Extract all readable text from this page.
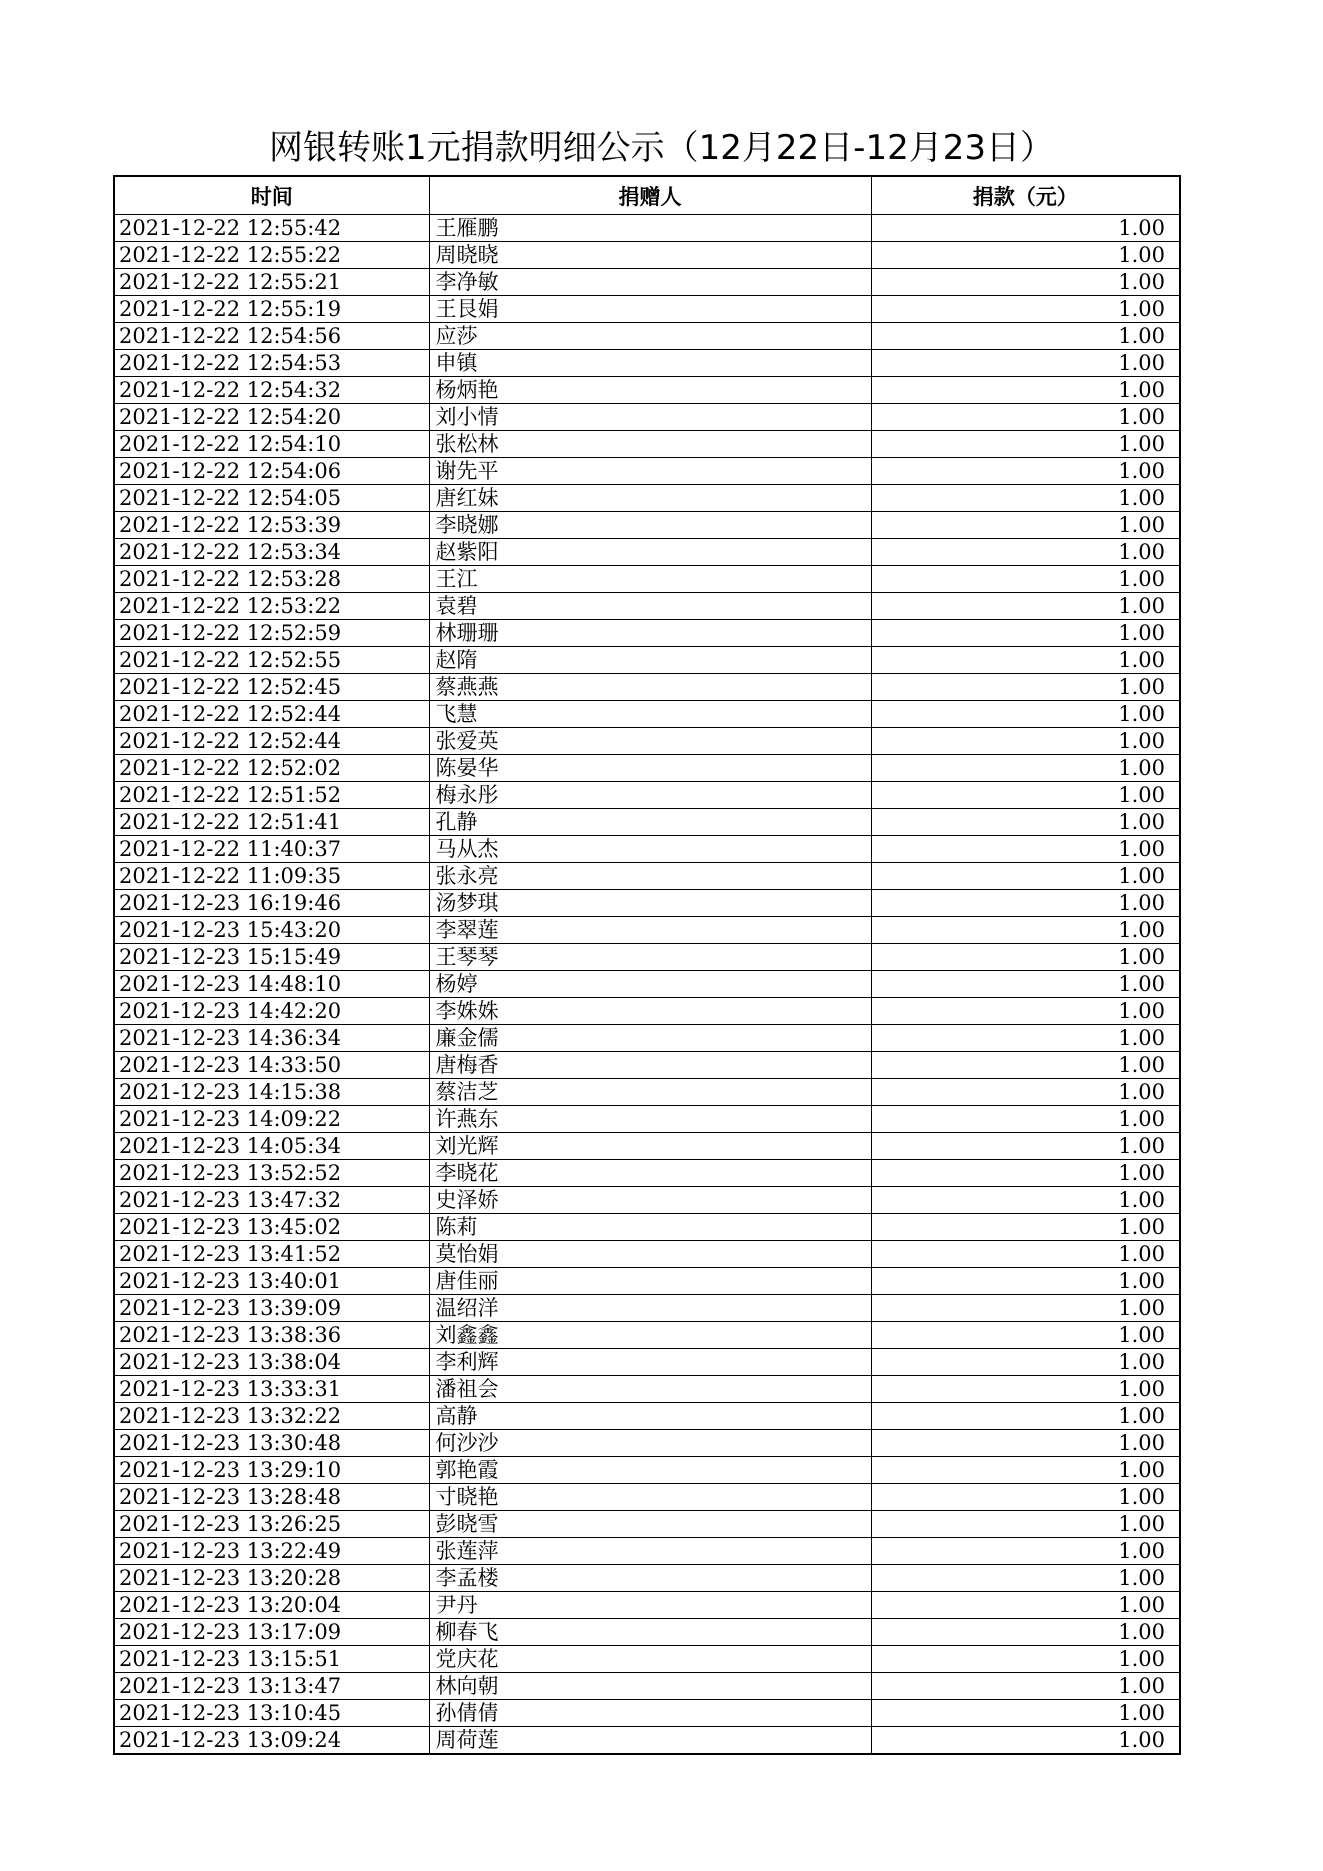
网银转账1元捐款明细公示（12月22日-12月23日）
时间	捐赠人	捐款（元）
2021-12-22 12:55:42	王雁鹏	1.00
2021-12-22 12:55:22	周晓晓	1.00
2021-12-22 12:55:21	李净敏	1.00
2021-12-22 12:55:19	王艮娟	1.00
2021-12-22 12:54:56	应莎	1.00
2021-12-22 12:54:53	申镇	1.00
2021-12-22 12:54:32	杨炳艳	1.00
2021-12-22 12:54:20	刘小情	1.00
2021-12-22 12:54:10	张松林	1.00
2021-12-22 12:54:06	谢先平	1.00
2021-12-22 12:54:05	唐红妹	1.00
2021-12-22 12:53:39	李晓娜	1.00
2021-12-22 12:53:34	赵紫阳	1.00
2021-12-22 12:53:28	王江	1.00
2021-12-22 12:53:22	袁碧	1.00
2021-12-22 12:52:59	林珊珊	1.00
2021-12-22 12:52:55	赵隋	1.00
2021-12-22 12:52:45	蔡燕燕	1.00
2021-12-22 12:52:44	飞慧	1.00
2021-12-22 12:52:44	张爱英	1.00
2021-12-22 12:52:02	陈晏华	1.00
2021-12-22 12:51:52	梅永彤	1.00
2021-12-22 12:51:41	孔静	1.00
2021-12-22 11:40:37	马从杰	1.00
2021-12-22 11:09:35	张永亮	1.00
2021-12-23 16:19:46	汤梦琪	1.00
2021-12-23 15:43:20	李翠莲	1.00
2021-12-23 15:15:49	王琴琴	1.00
2021-12-23 14:48:10	杨婷	1.00
2021-12-23 14:42:20	李姝姝	1.00
2021-12-23 14:36:34	廉金儒	1.00
2021-12-23 14:33:50	唐梅香	1.00
2021-12-23 14:15:38	蔡洁芝	1.00
2021-12-23 14:09:22	许燕东	1.00
2021-12-23 14:05:34	刘光辉	1.00
2021-12-23 13:52:52	李晓花	1.00
2021-12-23 13:47:32	史泽娇	1.00
2021-12-23 13:45:02	陈莉	1.00
2021-12-23 13:41:52	莫怡娟	1.00
2021-12-23 13:40:01	唐佳丽	1.00
2021-12-23 13:39:09	温绍洋	1.00
2021-12-23 13:38:36	刘鑫鑫	1.00
2021-12-23 13:38:04	李利辉	1.00
2021-12-23 13:33:31	潘祖会	1.00
2021-12-23 13:32:22	高静	1.00
2021-12-23 13:30:48	何沙沙	1.00
2021-12-23 13:29:10	郭艳霞	1.00
2021-12-23 13:28:48	寸晓艳	1.00
2021-12-23 13:26:25	彭晓雪	1.00
2021-12-23 13:22:49	张莲萍	1.00
2021-12-23 13:20:28	李孟楼	1.00
2021-12-23 13:20:04	尹丹	1.00
2021-12-23 13:17:09	柳春飞	1.00
2021-12-23 13:15:51	党庆花	1.00
2021-12-23 13:13:47	林向朝	1.00
2021-12-23 13:10:45	孙倩倩	1.00
2021-12-23 13:09:24	周荷莲	1.00
